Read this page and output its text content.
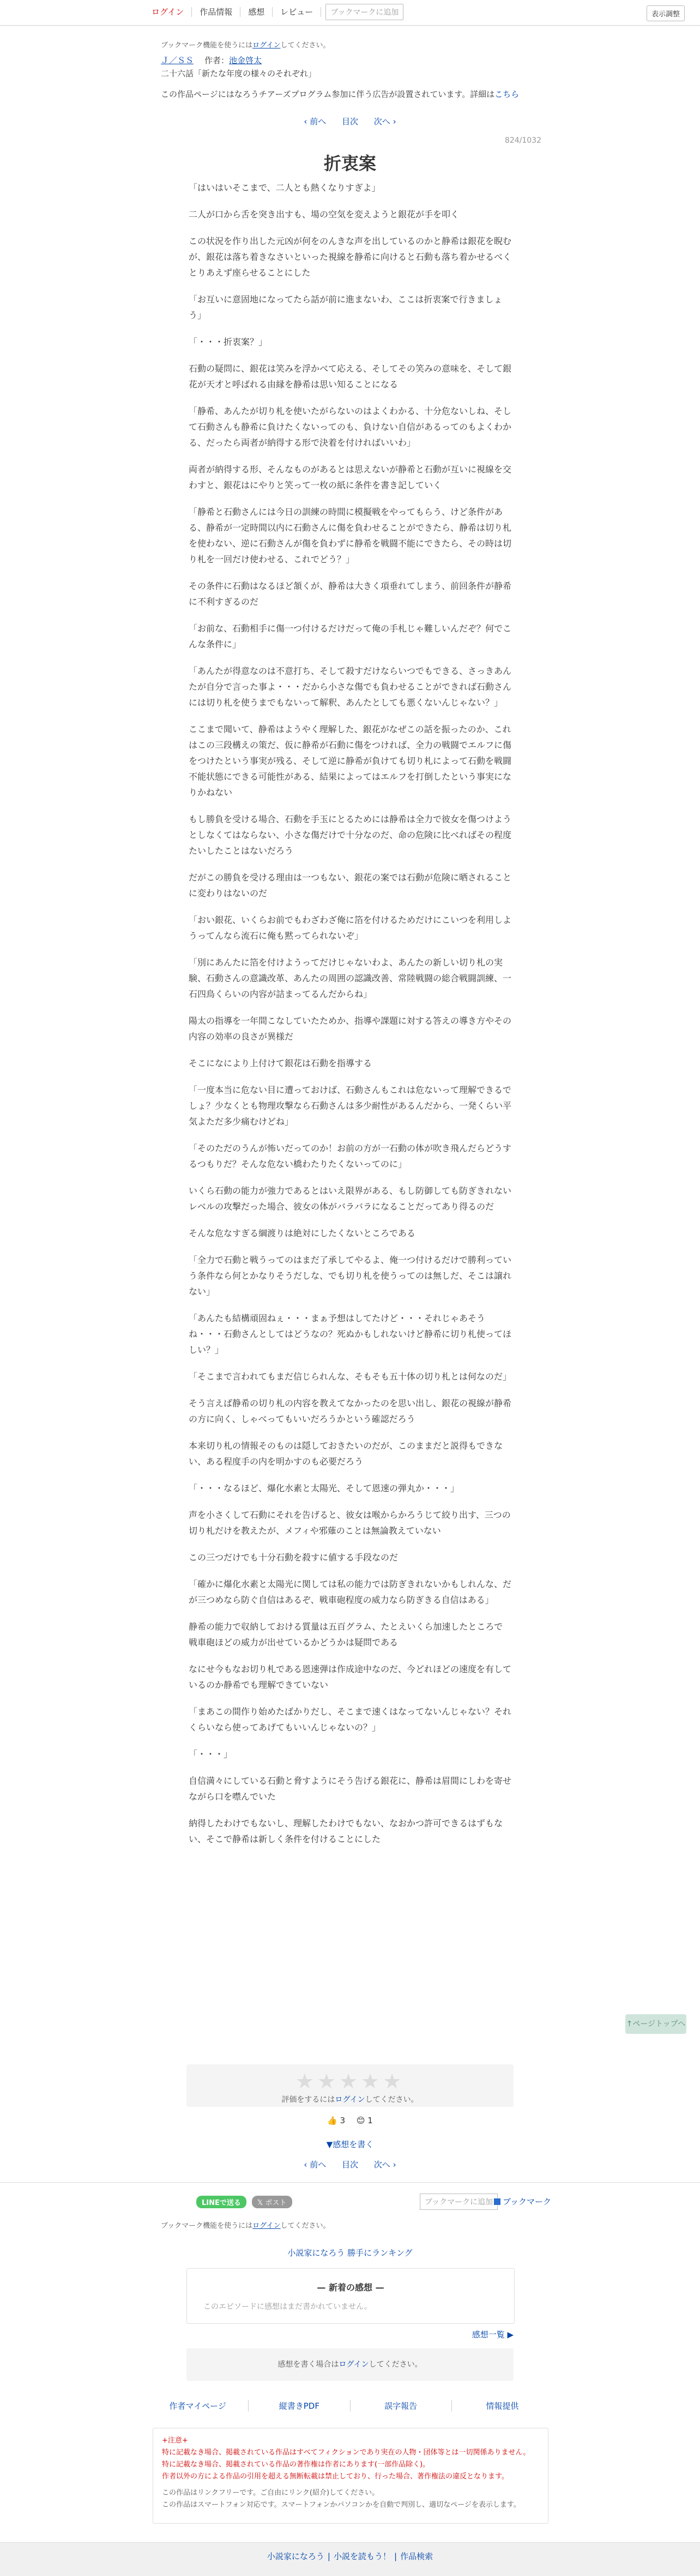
ログイン	作品情報	感想	レビュー	ブックマークに追加	表示調整
ブックマーク機能を使うにはログインしてください。
Ｊ／ＳＳ 作者：池金啓太
二十六話「新たな年度の様々のそれぞれ」
この作品ページにはなろうチアーズプログラム参加に伴う広告が設置されています。詳細はこちら
‹ 前へ 目次 次へ ›
824/1032
折衷案

「はいはいそこまで、二人とも熱くなりすぎよ」

二人が口から舌を突き出すも、場の空気を変えようと銀花が手を叩く

この状況を作り出した元凶が何をのんきな声を出しているのかと静希は銀花を睨むが、銀花は落ち着きなさいといった視線を静希に向けると石動も落ち着かせるべくとりあえず座らせることにした

「お互いに意固地になってたら話が前に進まないわ、ここは折衷案で行きましょう」

「・・・折衷案？」

石動の疑問に、銀花は笑みを浮かべて応える、そしてその笑みの意味を、そして銀花が天才と呼ばれる由縁を静希は思い知ることになる

「静希、あんたが切り札を使いたがらないのはよくわかる、十分危ないしね、そして石動さんも静希に負けたくないってのも、負けない自信があるってのもよくわかる、だったら両者が納得する形で決着を付ければいいわ」

両者が納得する形、そんなものがあるとは思えないが静希と石動が互いに視線を交わすと、銀花はにやりと笑って一枚の紙に条件を書き記していく

「静希と石動さんには今日の訓練の時間に模擬戦をやってもらう、けど条件がある、静希が一定時間以内に石動さんに傷を負わせることができたら、静希は切り札を使わない、逆に石動さんが傷を負わずに静希を戦闘不能にできたら、その時は切り札を一回だけ使わせる、これでどう？」

その条件に石動はなるほど頷くが、静希は大きく項垂れてしまう、前回条件が静希に不利すぎるのだ

「お前な、石動相手に傷一つ付けるだけだって俺の手札じゃ難しいんだぞ？何でこんな条件に」

「あんたが得意なのは不意打ち、そして殺すだけならいつでもできる、さっきあんたが自分で言った事よ・・・だから小さな傷でも負わせることができれば石動さんには切り札を使うまでもないって解釈、あんたとしても悪くないんじゃない？」

ここまで聞いて、静希はようやく理解した、銀花がなぜこの話を振ったのか、これはこの三段構えの策だ、仮に静希が石動に傷をつければ、全力の戦闘でエルフに傷をつけたという事実が残る、そして逆に静希が負けても切り札によって石動を戦闘不能状態にできる可能性がある、結果によってはエルフを打倒したという事実になりかねない

もし勝負を受ける場合、石動を手玉にとるためには静希は全力で彼女を傷つけようとしなくてはならない、小さな傷だけで十分なのだ、命の危険に比べればその程度たいしたことはないだろう

だがこの勝負を受ける理由は一つもない、銀花の案では石動が危険に晒されることに変わりはないのだ

「おい銀花、いくらお前でもわざわざ俺に箔を付けるためだけにこいつを利用しようってんなら流石に俺も黙ってられないぞ」

「別にあんたに箔を付けようってだけじゃないわよ、あんたの新しい切り札の実験、石動さんの意識改革、あんたの周囲の認識改善、常陸戦闘の総合戦闘訓練、一石四鳥くらいの内容が詰まってるんだからね」

陽太の指導を一年間こなしていたためか、指導や課題に対する答えの導き方やその内容の効率の良さが異様だ

そこになにより上付けて銀花は石動を指導する

「一度本当に危ない目に遭っておけば、石動さんもこれは危ないって理解できるでしょ？少なくとも物理攻撃なら石動さんは多少耐性があるんだから、一発くらい平気よただ多少痛むけどね」

「そのただのうんが怖いだってのか！お前の方が一石動の体が吹き飛んだらどうするつもりだ？そんな危ない橋わたりたくないってのに」

いくら石動の能力が強力であるとはいえ限界がある、もし防御しても防ぎきれないレベルの攻撃だった場合、彼女の体がバラバラになることだってあり得るのだ

そんな危なすぎる綱渡りは絶対にしたくないところである

「全力で石動と戦うってのはまだ了承してやるよ、俺一つ付けるだけで勝利っていう条件なら何とかなりそうだしな、でも切り札を使うってのは無しだ、そこは譲れない」

「あんたも結構頑固ねぇ・・・まぁ予想はしてたけど・・・それじゃあそうね・・・石動さんとしてはどうなの？死ぬかもしれないけど静希に切り札使ってほしい？」

「そこまで言われてもまだ信じられんな、そもそも五十体の切り札とは何なのだ」

そう言えば静希の切り札の内容を教えてなかったのを思い出し、銀花の視線が静希の方に向く、しゃべってもいいだろうかという確認だろう

本来切り札の情報そのものは隠しておきたいのだが、このままだと説得もできない、ある程度手の内を明かすのも必要だろう

「・・・なるほど、爆化水素と太陽光、そして恩速の弾丸か・・・」

声を小さくして石動にそれを告げると、彼女は喉からかろうじて絞り出す、三つの切り札だけを教えたが、メフィや邪薙のことは無論教えていない

この三つだけでも十分石動を殺すに値する手段なのだ

「確かに爆化水素と太陽光に関しては私の能力では防ぎきれないかもしれんな、だが三つめなら防ぐ自信はあるぞ、戦車砲程度の威力なら防ぎきる自信はある」

静希の能力で収納しておける質量は五百グラム、たとえいくら加速したところで戦車砲ほどの威力が出せているかどうかは疑問である

なにせ今もなお切り札である恩速弾は作成途中なのだ、今どれほどの速度を有しているのか静希でも理解できていない

「まあこの間作り始めたばかりだし、そこまで速くはなってないんじゃない？それくらいなら使ってあげてもいいんじゃないの？」

「・・・」

自信満々にしている石動と脅すようにそう告げる銀花に、静希は眉間にしわを寄せながら口を噤んでいた

納得したわけでもないし、理解したわけでもない、なおかつ許可できるはずもない、そこで静希は新しく条件を付けることにした

↑ページトップへ
★★★★★
評価をするにはログインしてください。
👍 3 😊 1
▼感想を書く
‹ 前へ 目次 次へ ›
LINEで送る	𝕏 ポスト	ブックマークに追加	ブックマーク
ブックマーク機能を使うにはログインしてください。
小説家になろう 勝手にランキング
— 新着の感想 —
このエピソードに感想はまだ書かれていません。
感想一覧 ▶
感想を書く場合はログインしてください。
作者マイページ	縦書きPDF	誤字報告	情報提供
+注意+
特に記載なき場合、掲載されている作品はすべてフィクションであり実在の人物・団体等とは一切関係ありません。
特に記載なき場合、掲載されている作品の著作権は作者にあります(一部作品除く)。
作者以外の方による作品の引用を超える無断転載は禁止しており、行った場合、著作権法の違反となります。
この作品はリンクフリーです。ご自由にリンク(紹介)してください。
この作品はスマートフォン対応です。スマートフォンかパソコンかを自動で判別し、適切なページを表示します。
小説家になろう | 小説を読もう！ | 作品検索
